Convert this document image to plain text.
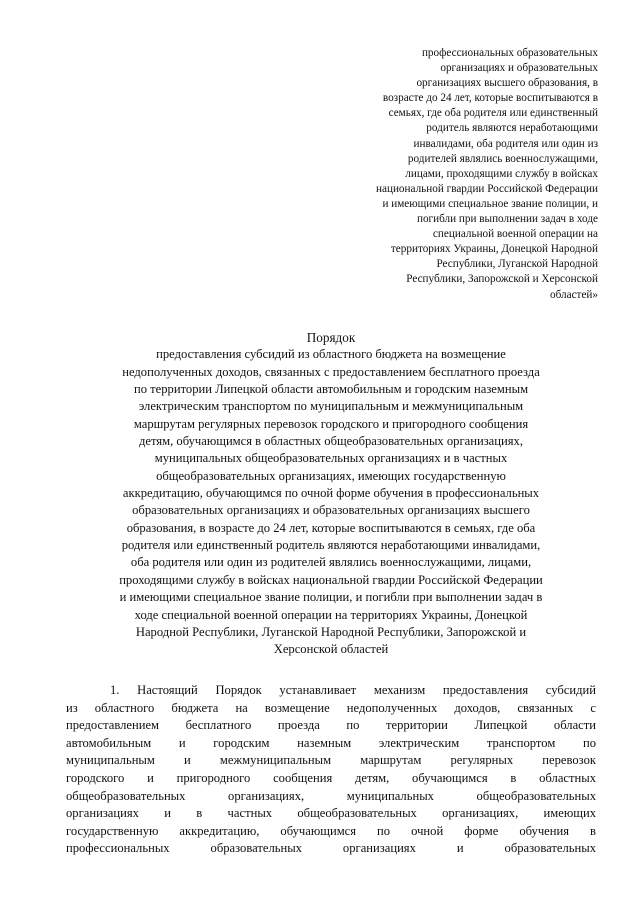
профессиональных образовательных
организациях и образовательных
организациях высшего образования, в
возрасте до 24 лет, которые воспитываются в
семьях, где оба родителя или единственный
родитель являются неработающими
инвалидами, оба родителя или один из
родителей являлись военнослужащими,
лицами, проходящими службу в войсках
национальной гвардии Российской Федерации
и имеющими специальное звание полиции, и
погибли при выполнении задач в ходе
специальной военной операции на
территориях Украины, Донецкой Народной
Республики, Луганской Народной
Республики, Запорожской и Херсонской
областей»
Порядок
предоставления субсидий из областного бюджета на возмещение
недополученных доходов, связанных с предоставлением бесплатного проезда
по территории Липецкой области автомобильным и городским наземным
электрическим транспортом по муниципальным и межмуниципальным
маршрутам регулярных перевозок городского и пригородного сообщения
детям, обучающимся в областных общеобразовательных организациях,
муниципальных общеобразовательных организациях и в частных
общеобразовательных организациях, имеющих государственную
аккредитацию, обучающимся по очной форме обучения в профессиональных
образовательных организациях и образовательных организациях высшего
образования, в возрасте до 24 лет, которые воспитываются в семьях, где оба
родителя или единственный родитель являются неработающими инвалидами,
оба родителя или один из родителей являлись военнослужащими, лицами,
проходящими службу в войсках национальной гвардии Российской Федерации
и имеющими специальное звание полиции, и погибли при выполнении задач в
ходе специальной военной операции на территориях Украины, Донецкой
Народной Республики, Луганской Народной Республики, Запорожской и
Херсонской областей
1. Настоящий Порядок устанавливает механизм предоставления субсидий
из областного бюджета на возмещение недополученных доходов, связанных с
предоставлением бесплатного проезда по территории Липецкой области
автомобильным и городским наземным электрическим транспортом по
муниципальным и межмуниципальным маршрутам регулярных перевозок
городского и пригородного сообщения детям, обучающимся в областных
общеобразовательных организациях, муниципальных общеобразовательных
организациях и в частных общеобразовательных организациях, имеющих
государственную аккредитацию, обучающимся по очной форме обучения в
профессиональных образовательных организациях и образовательных
